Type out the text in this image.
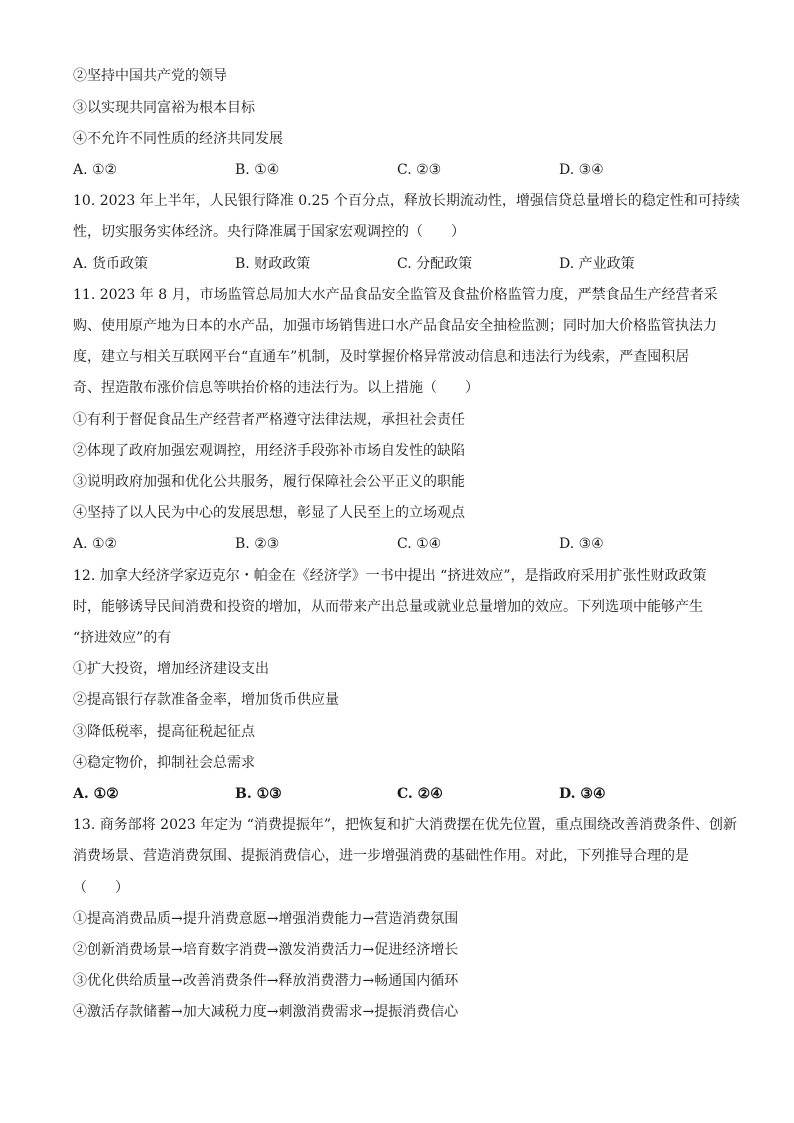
②坚持中国共产党的领导
③以实现共同富裕为根本目标
④不允许不同性质的经济共同发展
A. ①②	B. ①④	C. ②③	D. ③④
10. 2023 年上半年，人民银行降准 0.25 个百分点，释放长期流动性，增强信贷总量增长的稳定性和可持续
性，切实服务实体经济。央行降准属于国家宏观调控的（　　）
A. 货币政策	B. 财政政策	C. 分配政策	D. 产业政策
11. 2023 年 8 月，市场监管总局加大水产品食品安全监管及食盐价格监管力度，严禁食品生产经营者采
购、使用原产地为日本的水产品，加强市场销售进口水产品食品安全抽检监测；同时加大价格监管执法力
度，建立与相关互联网平台“直通车”机制，及时掌握价格异常波动信息和违法行为线索，严查囤积居
奇、捏造散布涨价信息等哄抬价格的违法行为。以上措施（　　）
①有利于督促食品生产经营者严格遵守法律法规，承担社会责任
②体现了政府加强宏观调控，用经济手段弥补市场自发性的缺陷
③说明政府加强和优化公共服务，履行保障社会公平正义的职能
④坚持了以人民为中心的发展思想，彰显了人民至上的立场观点
A. ①②	B. ②③	C. ①④	D. ③④
12. 加拿大经济学家迈克尔・帕金在《经济学》一书中提出 “挤进效应”，是指政府采用扩张性财政政策
时，能够诱导民间消费和投资的增加，从而带来产出总量或就业总量增加的效应。下列选项中能够产生
“挤进效应”的有
①扩大投资，增加经济建设支出
②提高银行存款准备金率，增加货币供应量
③降低税率，提高征税起征点
④稳定物价，抑制社会总需求
A. ①②	B. ①③	C. ②④	D. ③④
13. 商务部将 2023 年定为 “消费提振年”，把恢复和扩大消费摆在优先位置，重点围绕改善消费条件、创新
消费场景、营造消费氛围、提振消费信心，进一步增强消费的基础性作用。对此，下列推导合理的是
（　　）
①提高消费品质→提升消费意愿→增强消费能力→营造消费氛围
②创新消费场景→培育数字消费→激发消费活力→促进经济增长
③优化供给质量→改善消费条件→释放消费潜力→畅通国内循环
④激活存款储蓄→加大减税力度→刺激消费需求→提振消费信心
